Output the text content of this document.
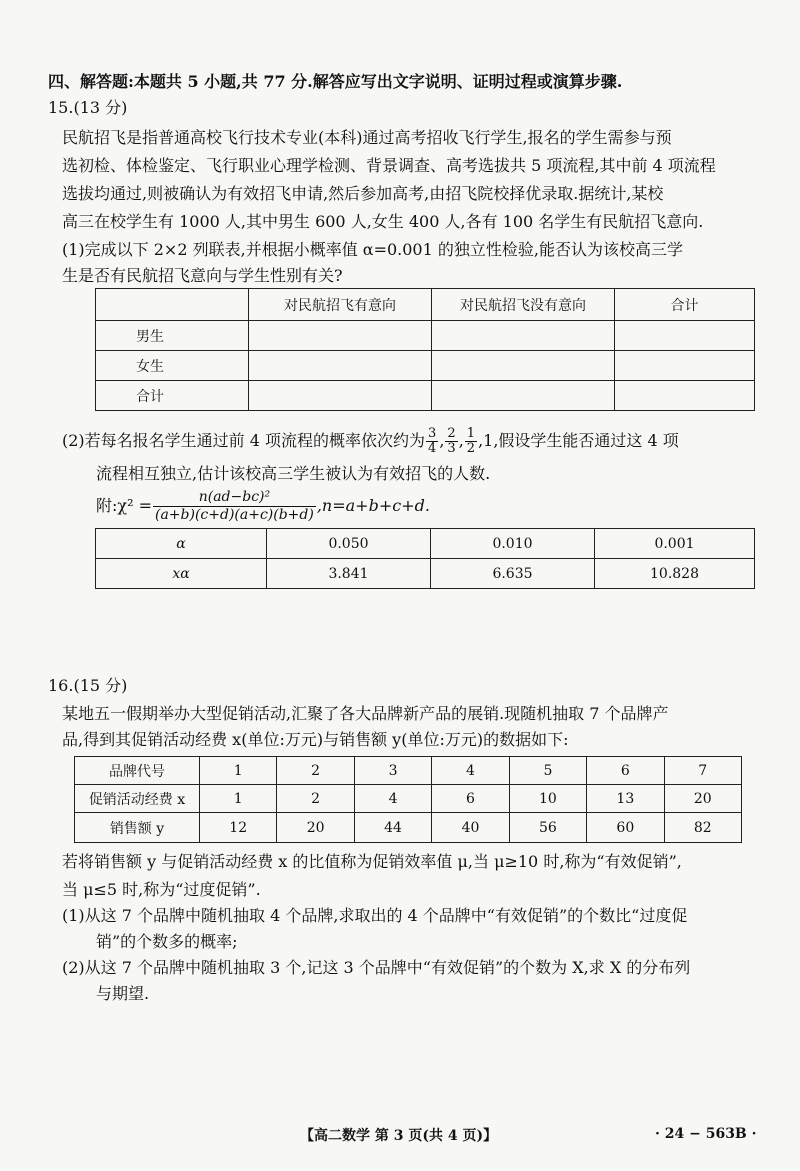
四、解答题:本题共 5 小题,共 77 分.解答应写出文字说明、证明过程或演算步骤.
15.(13 分)
民航招飞是指普通高校飞行技术专业(本科)通过高考招收飞行学生,报名的学生需参与预
选初检、体检鉴定、飞行职业心理学检测、背景调查、高考选拔共 5 项流程,其中前 4 项流程
选拔均通过,则被确认为有效招飞申请,然后参加高考,由招飞院校择优录取.据统计,某校
高三在校学生有 1000 人,其中男生 600 人,女生 400 人,各有 100 名学生有民航招飞意向.
(1)完成以下 2×2 列联表,并根据小概率值 α=0.001 的独立性检验,能否认为该校高三学
生是否有民航招飞意向与学生性别有关?
	对民航招飞有意向	对民航招飞没有意向	合计
男生			
女生			
合计			
(2)若每名报名学生通过前 4 项流程的概率依次约为 $\frac{3}{4}$ , $\frac{2}{3}$ , $\frac{1}{2} ,1$,假设学生能否通过这 4 项
流程相互独立,估计该校高三学生被认为有效招飞的人数.
附:χ² = $\frac{\text{n(ad−bc)²}}{(a+b)(c+d)(a+c)(b+d)} ,n=a+b+c+d$.
α	0.050	0.010	0.001
xα	3.841	6.635	10.828
16.(15 分)
某地五一假期举办大型促销活动,汇聚了各大品牌新产品的展销.现随机抽取 7 个品牌产
品,得到其促销活动经费 x(单位:万元)与销售额 y(单位:万元)的数据如下:
品牌代号	1	2	3	4	5	6	7
促销活动经费 x	1	2	4	6	10	13	20
销售额 y	12	20	44	40	56	60	82
若将销售额 y 与促销活动经费 x 的比值称为促销效率值 μ,当 μ≥10 时,称为“有效促销”,
当 μ≤5 时,称为“过度促销”.
(1)从这 7 个品牌中随机抽取 4 个品牌,求取出的 4 个品牌中“有效促销”的个数比“过度促
销”的个数多的概率;
(2)从这 7 个品牌中随机抽取 3 个,记这 3 个品牌中“有效促销”的个数为 X,求 X 的分布列
与期望.
【高二数学 第 3 页(共 4 页)】	· 24 − 563B ·
